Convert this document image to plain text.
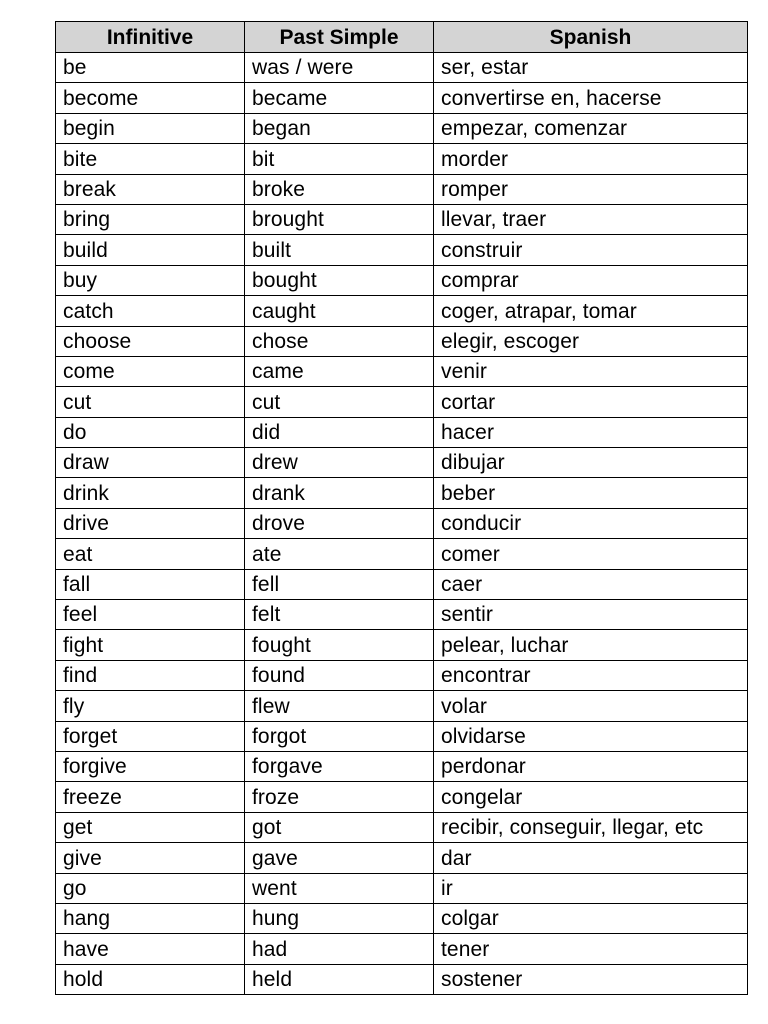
Infinitive	Past Simple	Spanish
be	was / were	ser, estar
become	became	convertirse en, hacerse
begin	began	empezar, comenzar
bite	bit	morder
break	broke	romper
bring	brought	llevar, traer
build	built	construir
buy	bought	comprar
catch	caught	coger, atrapar, tomar
choose	chose	elegir, escoger
come	came	venir
cut	cut	cortar
do	did	hacer
draw	drew	dibujar
drink	drank	beber
drive	drove	conducir
eat	ate	comer
fall	fell	caer
feel	felt	sentir
fight	fought	pelear, luchar
find	found	encontrar
fly	flew	volar
forget	forgot	olvidarse
forgive	forgave	perdonar
freeze	froze	congelar
get	got	recibir, conseguir, llegar, etc
give	gave	dar
go	went	ir
hang	hung	colgar
have	had	tener
hold	held	sostener
